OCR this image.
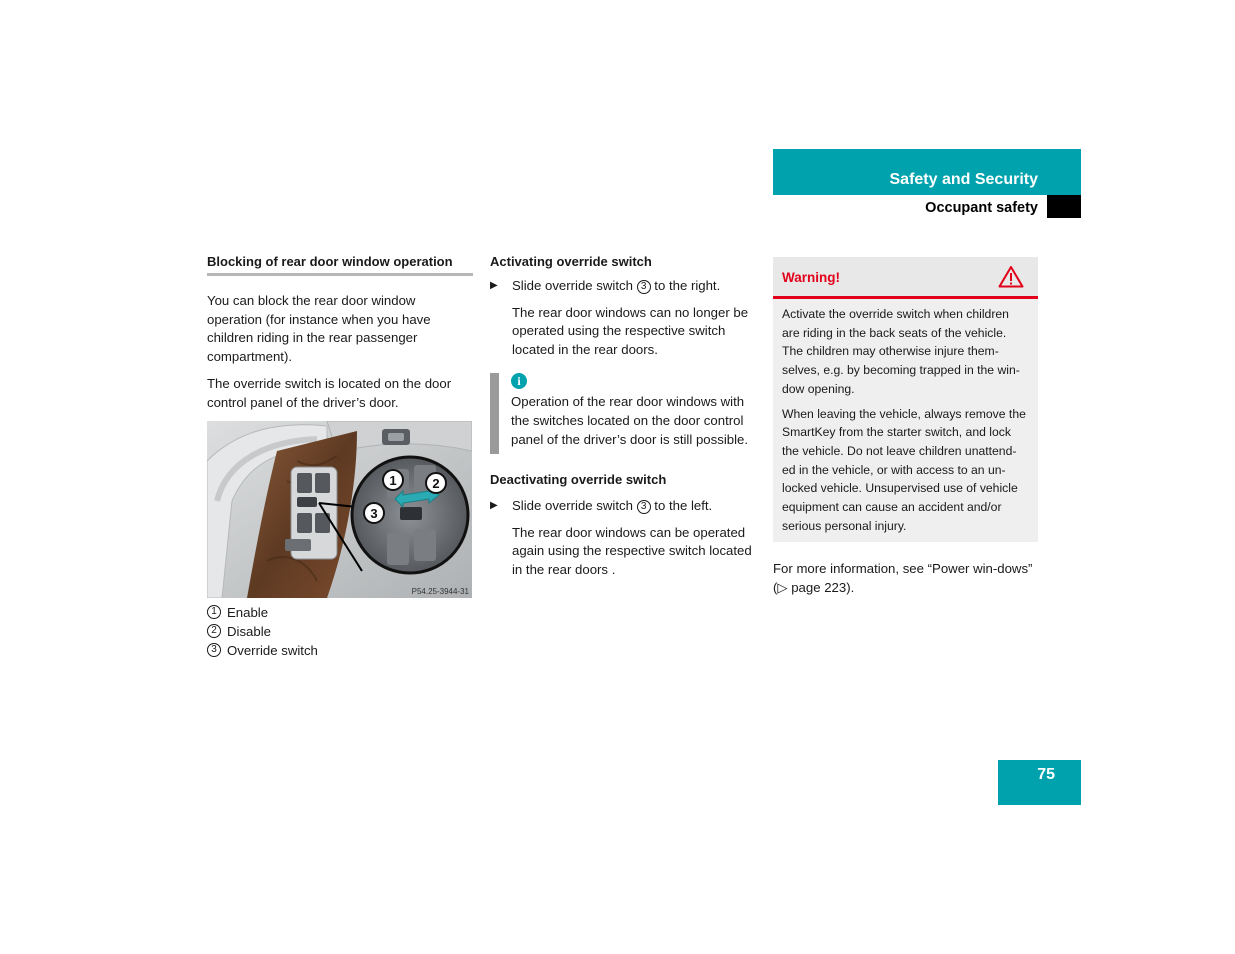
Safety and Security
Occupant safety
Blocking of rear door window operation

You can block the rear door window operation (for instance when you have children riding in the rear passenger compartment).

The override switch is located on the door control panel of the driver’s door.

1	2
3
P54.25-3944-31
1 Enable
2 Disable
3 Override switch
Activating override switch
▶	Slide override switch 3 to the right.
The rear door windows can no longer be operated using the respective switch located in the rear doors.
i
Operation of the rear door windows with the switches located on the door control panel of the driver’s door is still possible.
Deactivating override switch
▶	Slide override switch 3 to the left.
The rear door windows can be operated again using the respective switch located in the rear doors .
Warning!

Activate the override switch when children are riding in the back seats of the vehicle. The children may otherwise injure them-selves, e.g. by becoming trapped in the win-dow opening.

When leaving the vehicle, always remove the SmartKey from the starter switch, and lock the vehicle. Do not leave children unattend-ed in the vehicle, or with access to an un-locked vehicle. Unsupervised use of vehicle equipment can cause an accident and/or serious personal injury.

For more information, see “Power win-dows” (▷ page 223).
75
